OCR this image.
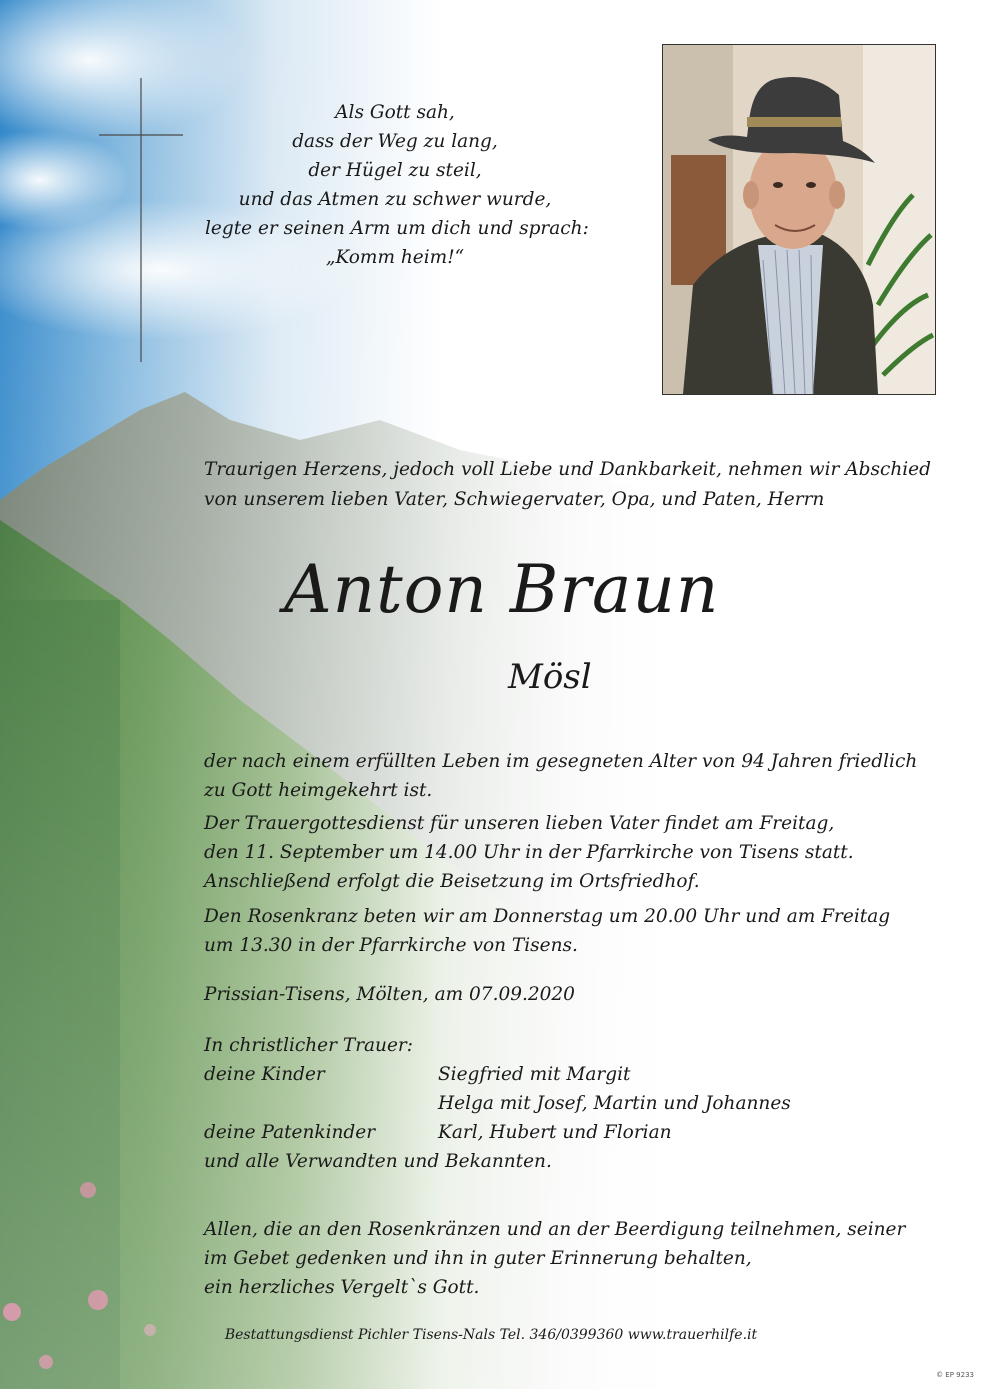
Als Gott sah,
dass der Weg zu lang,
der Hügel zu steil,
und das Atmen zu schwer wurde,
legte er seinen Arm um dich und sprach:
„Komm heim!“
Traurigen Herzens, jedoch voll Liebe und Dankbarkeit, nehmen wir Abschied
von unserem lieben Vater, Schwiegervater, Opa, und Paten, Herrn
Anton Braun
Mösl
der nach einem erfüllten Leben im gesegneten Alter von 94 Jahren friedlich
zu Gott heimgekehrt ist.
Der Trauergottesdienst für unseren lieben Vater findet am Freitag,
den 11. September um 14.00 Uhr in der Pfarrkirche von Tisens statt.
Anschließend erfolgt die Beisetzung im Ortsfriedhof.
Den Rosenkranz beten wir am Donnerstag um 20.00 Uhr und am Freitag
um 13.30 in der Pfarrkirche von Tisens.
Prissian-Tisens, Mölten, am 07.09.2020
In christlicher Trauer:
deine Kinder	Siegfried mit Margit
Helga mit Josef, Martin und Johannes
deine Patenkinder	Karl, Hubert und Florian
und alle Verwandten und Bekannten.
Allen, die an den Rosenkränzen und an der Beerdigung teilnehmen, seiner
im Gebet gedenken und ihn in guter Erinnerung behalten,
ein herzliches Vergelt`s Gott.
Bestattungsdienst Pichler Tisens-Nals Tel. 346/0399360 www.trauerhilfe.it
© EP 9233
